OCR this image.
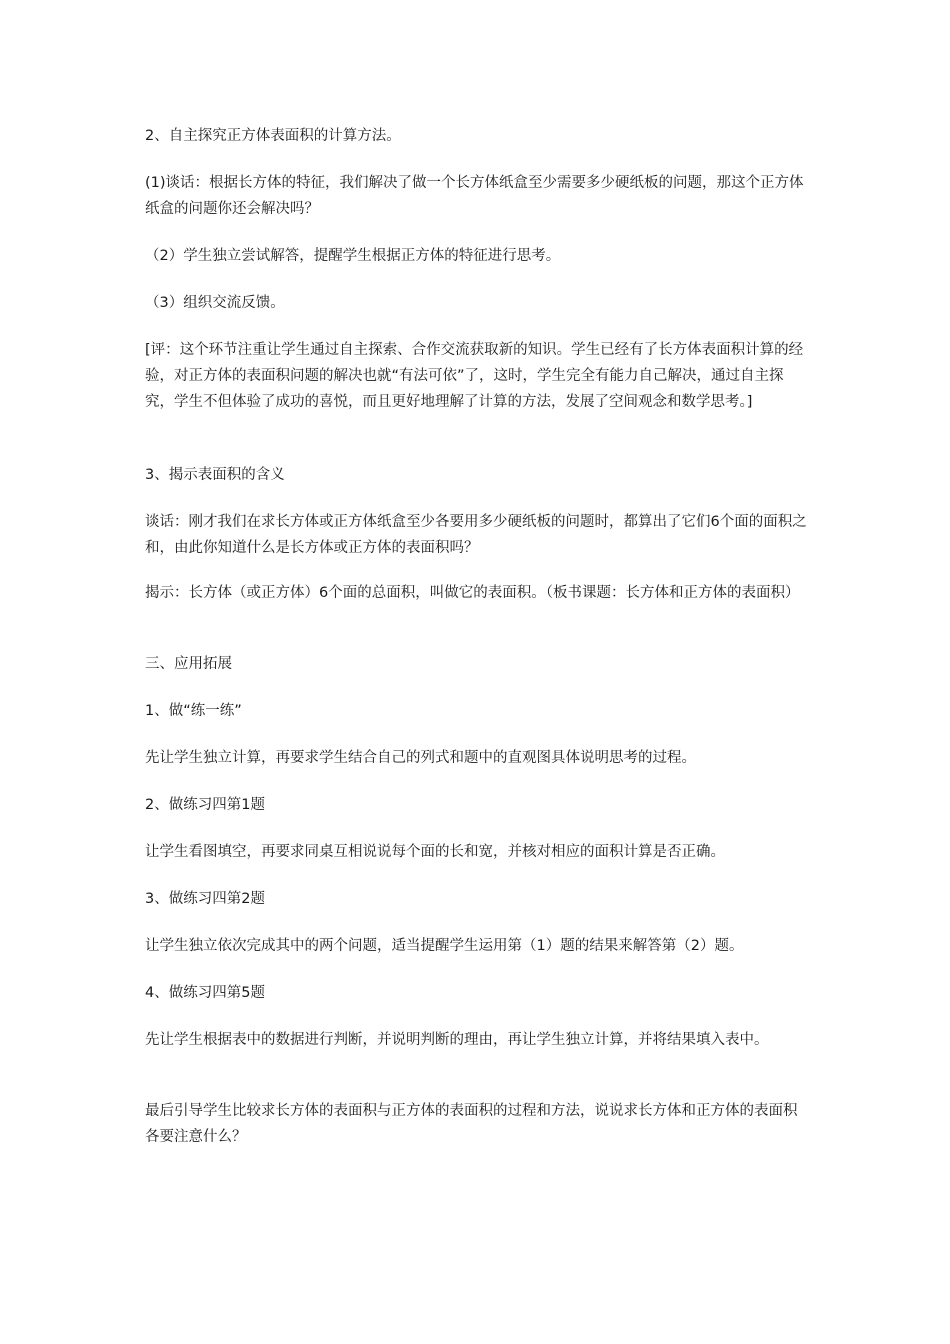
2、自主探究正方体表面积的计算方法。

(1)谈话：根据长方体的特征，我们解决了做一个长方体纸盒至少需要多少硬纸板的问题，那这个正方体纸盒的问题你还会解决吗？

（2）学生独立尝试解答，提醒学生根据正方体的特征进行思考。

（3）组织交流反馈。

[评：这个环节注重让学生通过自主探索、合作交流获取新的知识。学生已经有了长方体表面积计算的经验，对正方体的表面积问题的解决也就“有法可依”了，这时，学生完全有能力自己解决，通过自主探究，学生不但体验了成功的喜悦，而且更好地理解了计算的方法，发展了空间观念和数学思考。]

3、揭示表面积的含义

谈话：刚才我们在求长方体或正方体纸盒至少各要用多少硬纸板的问题时，都算出了它们6个面的面积之和，由此你知道什么是长方体或正方体的表面积吗？

揭示：长方体（或正方体）6个面的总面积，叫做它的表面积。（板书课题：长方体和正方体的表面积）

三、应用拓展

1、做“练一练”

先让学生独立计算，再要求学生结合自己的列式和题中的直观图具体说明思考的过程。

2、做练习四第1题

让学生看图填空，再要求同桌互相说说每个面的长和宽，并核对相应的面积计算是否正确。

3、做练习四第2题

让学生独立依次完成其中的两个问题，适当提醒学生运用第（1）题的结果来解答第（2）题。

4、做练习四第5题

先让学生根据表中的数据进行判断，并说明判断的理由，再让学生独立计算，并将结果填入表中。

最后引导学生比较求长方体的表面积与正方体的表面积的过程和方法，说说求长方体和正方体的表面积各要注意什么？
